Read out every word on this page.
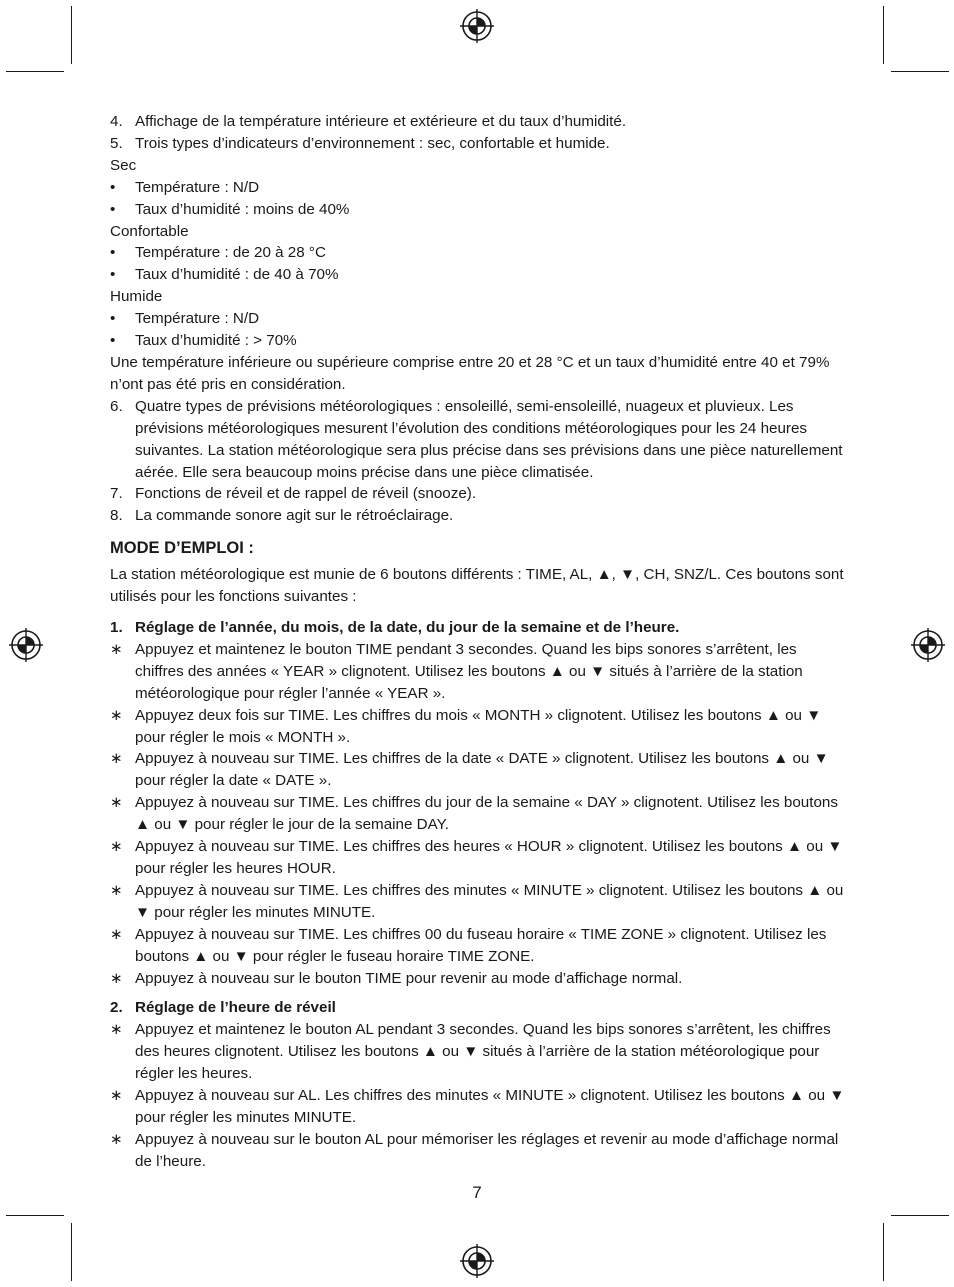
4. Affichage de la température intérieure et extérieure et du taux d’humidité.
5. Trois types d’indicateurs d’environnement : sec, confortable et humide.
Sec
• Température : N/D
• Taux d’humidité : moins de 40%
Confortable
• Température : de 20 à 28 °C
• Taux d’humidité : de 40 à 70%
Humide
• Température : N/D
• Taux d’humidité : > 70%
Une température inférieure ou supérieure comprise entre 20 et 28 °C et un taux d’humidité entre 40 et 79% n’ont pas été pris en considération.
6. Quatre types de prévisions météorologiques : ensoleillé, semi-ensoleillé, nuageux et pluvieux. Les prévisions météorologiques mesurent l’évolution des conditions météorologiques pour les 24 heures suivantes. La station météorologique sera plus précise dans ses prévisions dans une pièce naturellement aérée. Elle sera beaucoup moins précise dans une pièce climatisée.
7. Fonctions de réveil et de rappel de réveil (snooze).
8. La commande sonore agit sur le rétroéclairage.
MODE D’EMPLOI :
La station météorologique est munie de 6 boutons différents : TIME, AL, ▲, ▼, CH, SNZ/L. Ces boutons sont utilisés pour les fonctions suivantes :
1. Réglage de l’année, du mois, de la date, du jour de la semaine et de l’heure.
∗ Appuyez et maintenez le bouton TIME pendant 3 secondes. Quand les bips sonores s’arrêtent, les chiffres des années « YEAR » clignotent. Utilisez les boutons ▲ ou ▼ situés à l’arrière de la station météorologique pour régler l’année « YEAR ».
∗ Appuyez deux fois sur TIME. Les chiffres du mois « MONTH » clignotent. Utilisez les boutons ▲ ou ▼ pour régler le mois « MONTH ».
∗ Appuyez à nouveau sur TIME. Les chiffres de la date « DATE » clignotent. Utilisez les boutons ▲ ou ▼ pour régler la date « DATE ».
∗ Appuyez à nouveau sur TIME. Les chiffres du jour de la semaine « DAY » clignotent. Utilisez les boutons ▲ ou ▼ pour régler le jour de la semaine DAY.
∗ Appuyez à nouveau sur TIME. Les chiffres des heures « HOUR » clignotent. Utilisez les boutons ▲ ou ▼ pour régler les heures HOUR.
∗ Appuyez à nouveau sur TIME. Les chiffres des minutes « MINUTE » clignotent. Utilisez les boutons ▲ ou ▼ pour régler les minutes MINUTE.
∗ Appuyez à nouveau sur TIME. Les chiffres 00 du fuseau horaire « TIME ZONE » clignotent. Utilisez les boutons ▲ ou ▼ pour régler le fuseau horaire TIME ZONE.
∗ Appuyez à nouveau sur le bouton TIME pour revenir au mode d’affichage normal.
2. Réglage de l’heure de réveil
∗ Appuyez et maintenez le bouton AL pendant 3 secondes. Quand les bips sonores s’arrêtent, les chiffres des heures clignotent. Utilisez les boutons ▲ ou ▼ situés à l’arrière de la station météorologique pour régler les heures.
∗ Appuyez à nouveau sur AL. Les chiffres des minutes « MINUTE » clignotent. Utilisez les boutons ▲ ou ▼ pour régler les minutes MINUTE.
∗ Appuyez à nouveau sur le bouton AL pour mémoriser les réglages et revenir au mode d’affichage normal de l’heure.
7
